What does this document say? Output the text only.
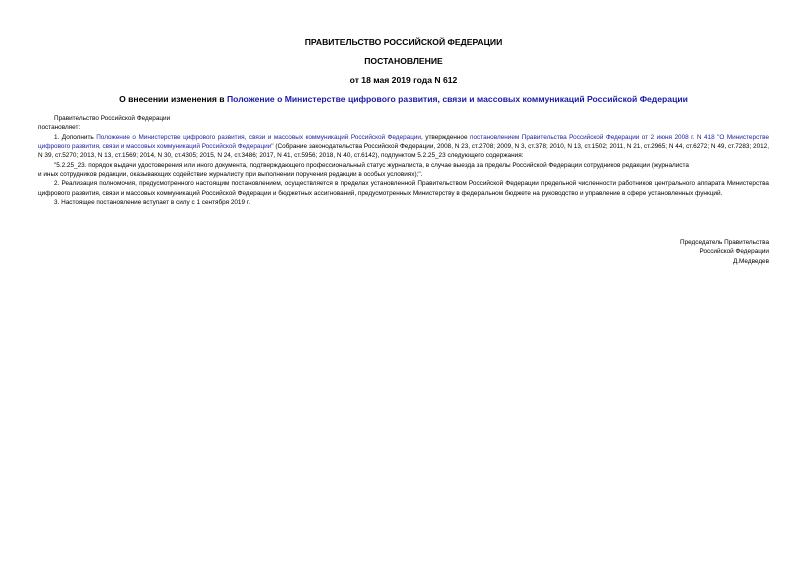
ПРАВИТЕЛЬСТВО РОССИЙСКОЙ ФЕДЕРАЦИИ
ПОСТАНОВЛЕНИЕ
от 18 мая 2019 года N 612
О внесении изменения в Положение о Министерстве цифрового развития, связи и массовых коммуникаций Российской Федерации

Правительство Российской Федерации

постановляет:

1. Дополнить Положение о Министерстве цифрового развития, связи и массовых коммуникаций Российской Федерации, утвержденное постановлением Правительства Российской Федерации от 2 июня 2008 г. N 418 "О Министерстве цифрового развития, связи и массовых коммуникаций Российской Федерации" (Собрание законодательства Российской Федерации, 2008, N 23, ст.2708; 2009, N 3, ст.378; 2010, N 13, ст.1502; 2011, N 21, ст.2965; N 44, ст.6272; N 49, ст.7283; 2012, N 39, ст.5270; 2013, N 13, ст.1569; 2014, N 30, ст.4305; 2015, N 24, ст.3486; 2017, N 41, ст.5956; 2018, N 40, ст.6142), подпунктом 5.2.25_23 следующего содержания:

"5.2.25_23. порядок выдачи удостоверения или иного документа, подтверждающего профессиональный статус журналиста, в случае выезда за пределы Российской Федерации сотрудников редакции (журналиста

и иных сотрудников редакции, оказывающих содействие журналисту при выполнении поручения редакции в особых условиях);".

2. Реализация полномочия, предусмотренного настоящим постановлением, осуществляется в пределах установленной Правительством Российской Федерации предельной численности работников центрального аппарата Министерства цифрового развития, связи и массовых коммуникаций Российской Федерации и бюджетных ассигнований, предусмотренных Министерству в федеральном бюджете на руководство и управление в сфере установленных функций.

3. Настоящее постановление вступает в силу с 1 сентября 2019 г.

Председатель Правительства
Российской Федерации
Д.Медведев
